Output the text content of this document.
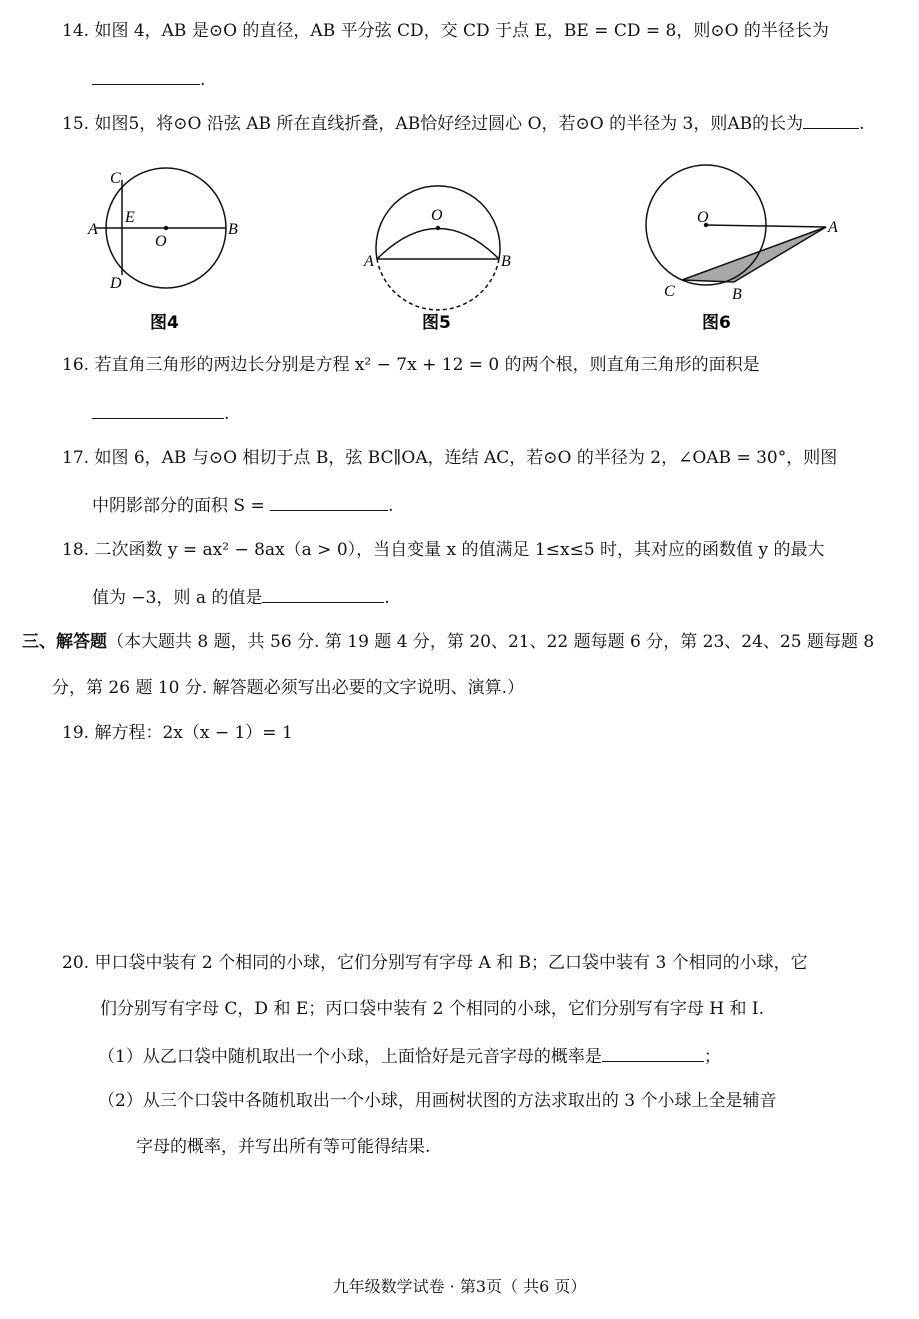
14. 如图 4，AB 是⊙O 的直径，AB 平分弦 CD，交 CD 于点 E，BE = CD = 8，则⊙O 的半径长为
.
15. 如图5，将⊙O 沿弦 AB 所在直线折叠，AB恰好经过圆心 O，若⊙O 的半径为 3，则AB的长为	.
C
E
A
O
B
D
图4
O
A	B
图5
O
A
C	B
图6
16. 若直角三角形的两边长分别是方程 x² − 7x + 12 = 0 的两个根，则直角三角形的面积是
.
17. 如图 6，AB 与⊙O 相切于点 B，弦 BC∥OA，连结 AC，若⊙O 的半径为 2，∠OAB = 30°，则图
中阴影部分的面积 S =	.
18. 二次函数 y = ax² − 8ax（a > 0），当自变量 x 的值满足 1≤x≤5 时，其对应的函数值 y 的最大
值为 −3，则 a 的值是	.
三、解答题（本大题共 8 题，共 56 分. 第 19 题 4 分，第 20、21、22 题每题 6 分，第 23、24、25 题每题 8
分，第 26 题 10 分. 解答题必须写出必要的文字说明、演算.）
19. 解方程：2x（x − 1）= 1
20. 甲口袋中装有 2 个相同的小球，它们分别写有字母 A 和 B；乙口袋中装有 3 个相同的小球，它
们分别写有字母 C，D 和 E；丙口袋中装有 2 个相同的小球，它们分别写有字母 H 和 I.
（1）从乙口袋中随机取出一个小球，上面恰好是元音字母的概率是	；
（2）从三个口袋中各随机取出一个小球，用画树状图的方法求取出的 3 个小球上全是辅音
字母的概率，并写出所有等可能得结果.
九年级数学试卷 · 第3页（ 共6 页）
